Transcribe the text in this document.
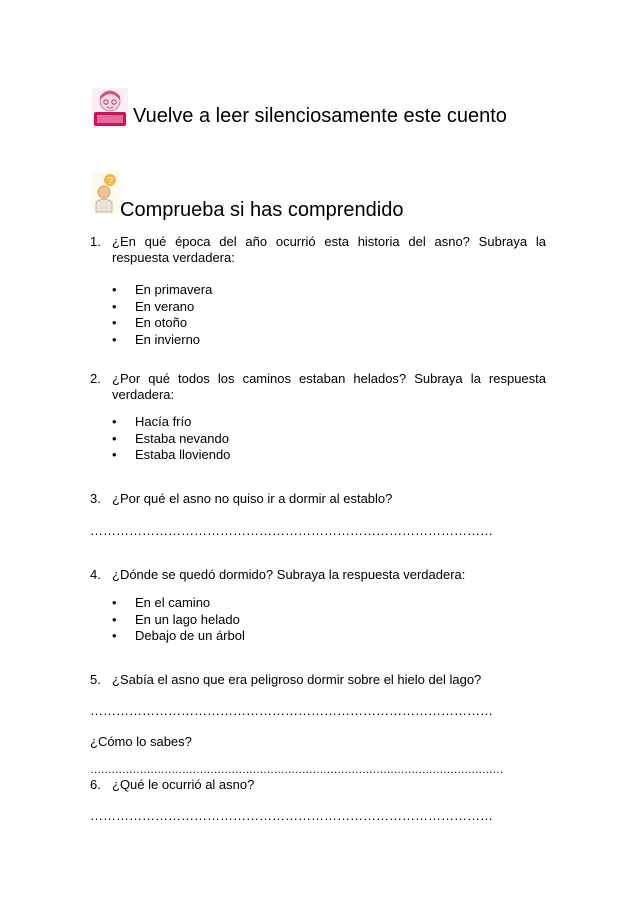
Vuelve a leer silenciosamente este cuento
?
Comprueba si has comprendido
1. ¿En qué época del año ocurrió esta historia del asno? Subraya la respuesta verdadera:
• En primavera
• En verano
• En otoño
• En invierno
2. ¿Por qué todos los caminos estaban helados? Subraya la respuesta verdadera:
• Hacía frío
• Estaba nevando
• Estaba lloviendo
3. ¿Por qué el asno no quiso ir a dormir al establo?
…………………………………………………………………………………
4. ¿Dónde se quedó dormido? Subraya la respuesta verdadera:
• En el camino
• En un lago helado
• Debajo de un árbol
5. ¿Sabía el asno que era peligroso dormir sobre el hielo del lago?
…………………………………………………………………………………
¿Cómo lo sabes?
………………………………………………………………………………………………………
6. ¿Qué le ocurrió al asno?
…………………………………………………………………………………
